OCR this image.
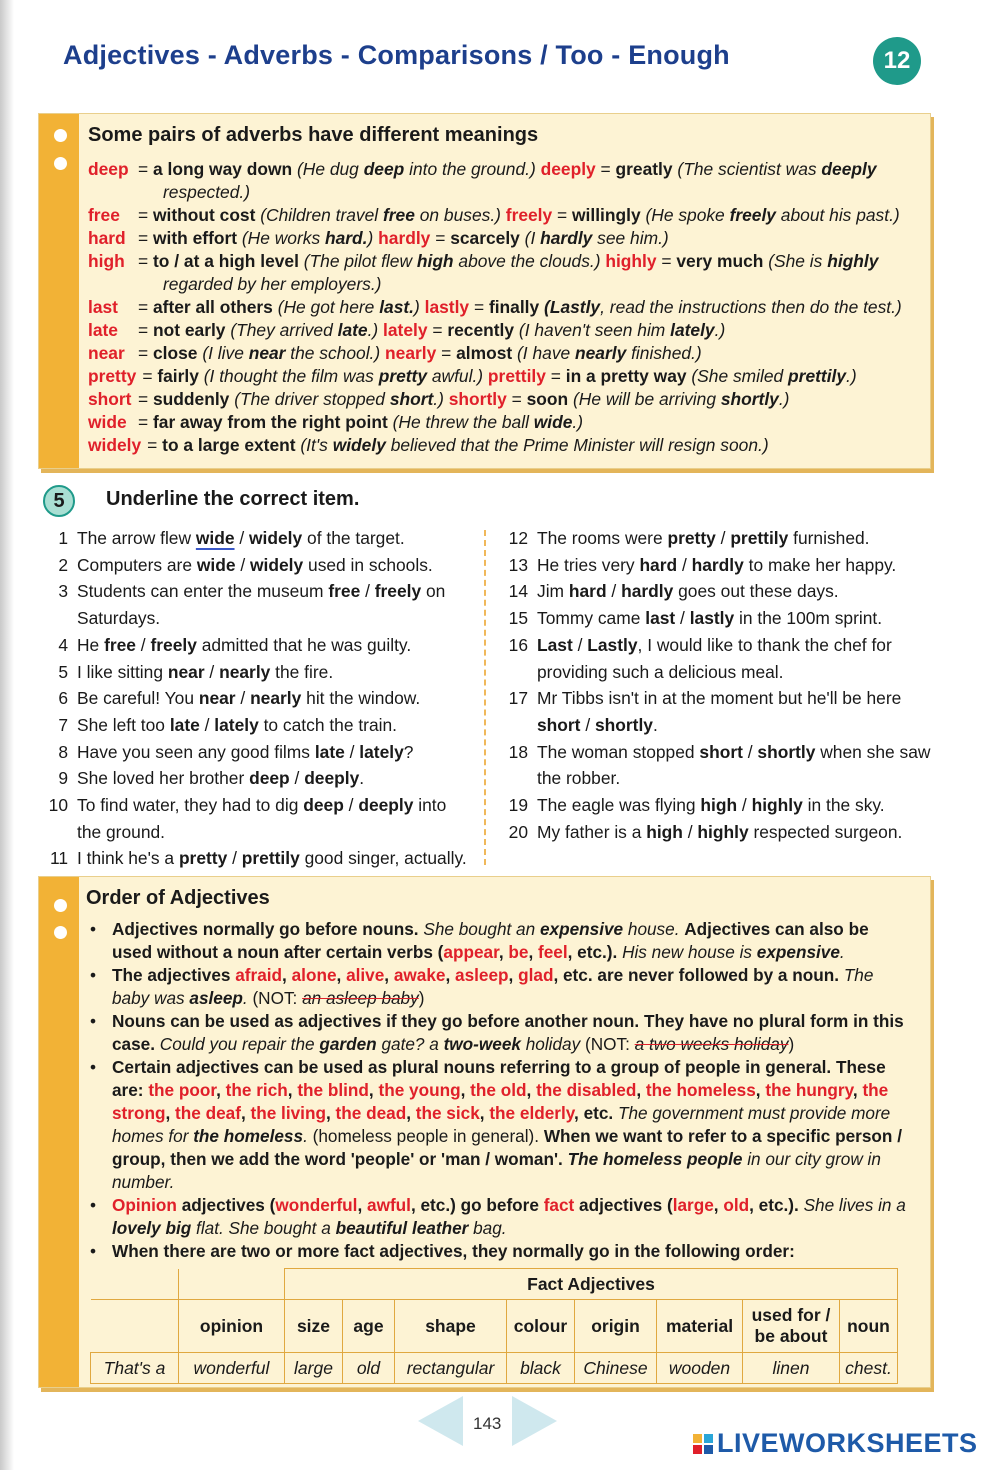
Adjectives - Adverbs - Comparisons / Too - Enough	12
Some pairs of adverbs have different meanings
deep = a long way down (He dug deep into the ground.) deeply = greatly (The scientist was deeply respected.)
free	= without cost (Children travel free on buses.) freely = willingly (He spoke freely about his past.)
hard = with effort (He works hard.) hardly = scarcely (I hardly see him.)
high = to / at a high level (The pilot flew high above the clouds.) highly = very much (She is highly regarded by her employers.)
last	= after all others (He got here last.) lastly = finally (Lastly, read the instructions then do the test.)
late	= not early (They arrived late.) lately = recently (I haven't seen him lately.)
near = close (I live near the school.) nearly = almost (I have nearly finished.)
pretty = fairly (I thought the film was pretty awful.) prettily = in a pretty way (She smiled prettily.)
short = suddenly (The driver stopped short.) shortly = soon (He will be arriving shortly.)
wide = far away from the right point (He threw the ball wide.)
widely = to a large extent (It's widely believed that the Prime Minister will resign soon.)
5	Underline the correct item.
1 The arrow flew wide / widely of the target.
2 Computers are wide / widely used in schools.
3 Students can enter the museum free / freely on Saturdays.
4 He free / freely admitted that he was guilty.
5 I like sitting near / nearly the fire.
6 Be careful! You near / nearly hit the window.
7 She left too late / lately to catch the train.
8 Have you seen any good films late / lately?
9 She loved her brother deep / deeply.
10 To find water, they had to dig deep / deeply into the ground.
11 I think he's a pretty / prettily good singer, actually.
12 The rooms were pretty / prettily furnished.
13 He tries very hard / hardly to make her happy.
14 Jim hard / hardly goes out these days.
15 Tommy came last / lastly in the 100m sprint.
16 Last / Lastly, I would like to thank the chef for providing such a delicious meal.
17 Mr Tibbs isn't in at the moment but he'll be here short / shortly.
18 The woman stopped short / shortly when she saw the robber.
19 The eagle was flying high / highly in the sky.
20 My father is a high / highly respected surgeon.
Order of Adjectives
• Adjectives normally go before nouns. She bought an expensive house. Adjectives can also be used without a noun after certain verbs (appear, be, feel, etc.). His new house is expensive.
• The adjectives afraid, alone, alive, awake, asleep, glad, etc. are never followed by a noun. The baby was asleep. (NOT: an asleep baby)
• Nouns can be used as adjectives if they go before another noun. They have no plural form in this case. Could you repair the garden gate? a two-week holiday (NOT: a two weeks holiday)
• Certain adjectives can be used as plural nouns referring to a group of people in general. These are: the poor, the rich, the blind, the young, the old, the disabled, the homeless, the hungry, the strong, the deaf, the living, the dead, the sick, the elderly, etc. The government must provide more homes for the homeless. (homeless people in general). When we want to refer to a specific person / group, then we add the word 'people' or 'man / woman'. The homeless people in our city grow in number.
• Opinion adjectives (wonderful, awful, etc.) go before fact adjectives (large, old, etc.). She lives in a lovely big flat. She bought a beautiful leather bag.
• When there are two or more fact adjectives, they normally go in the following order:
		Fact Adjectives							
	opinion	size	age	shape	colour	origin	material	used for / be about	noun
That's a	wonderful	large	old	rectangular	black	Chinese	wooden	linen	chest.
143
LIVEWORKSHEETS
